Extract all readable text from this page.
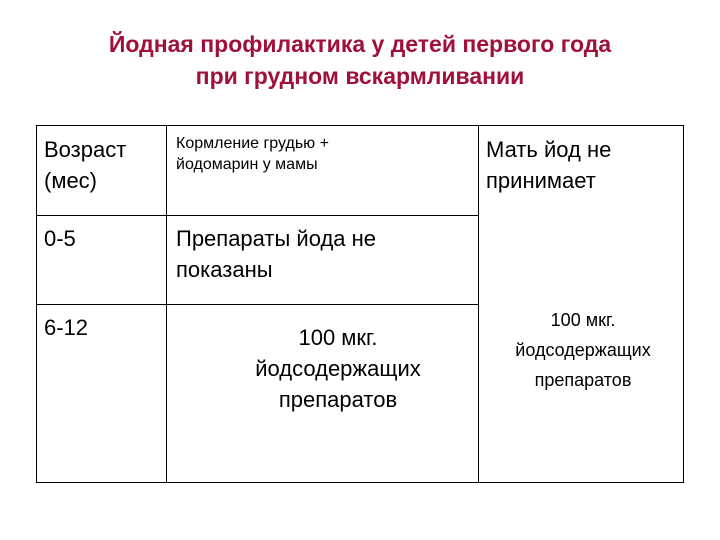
Йодная профилактика у детей первого года
при грудном вскармливании
Возраст (мес)
Кормление грудью + йодомарин у мамы
Мать йод не принимает
0-5	Препараты йода не показаны
6-12	100 мкг. йодсодержащих препаратов
100 мкг. йодсодержащих препаратов
